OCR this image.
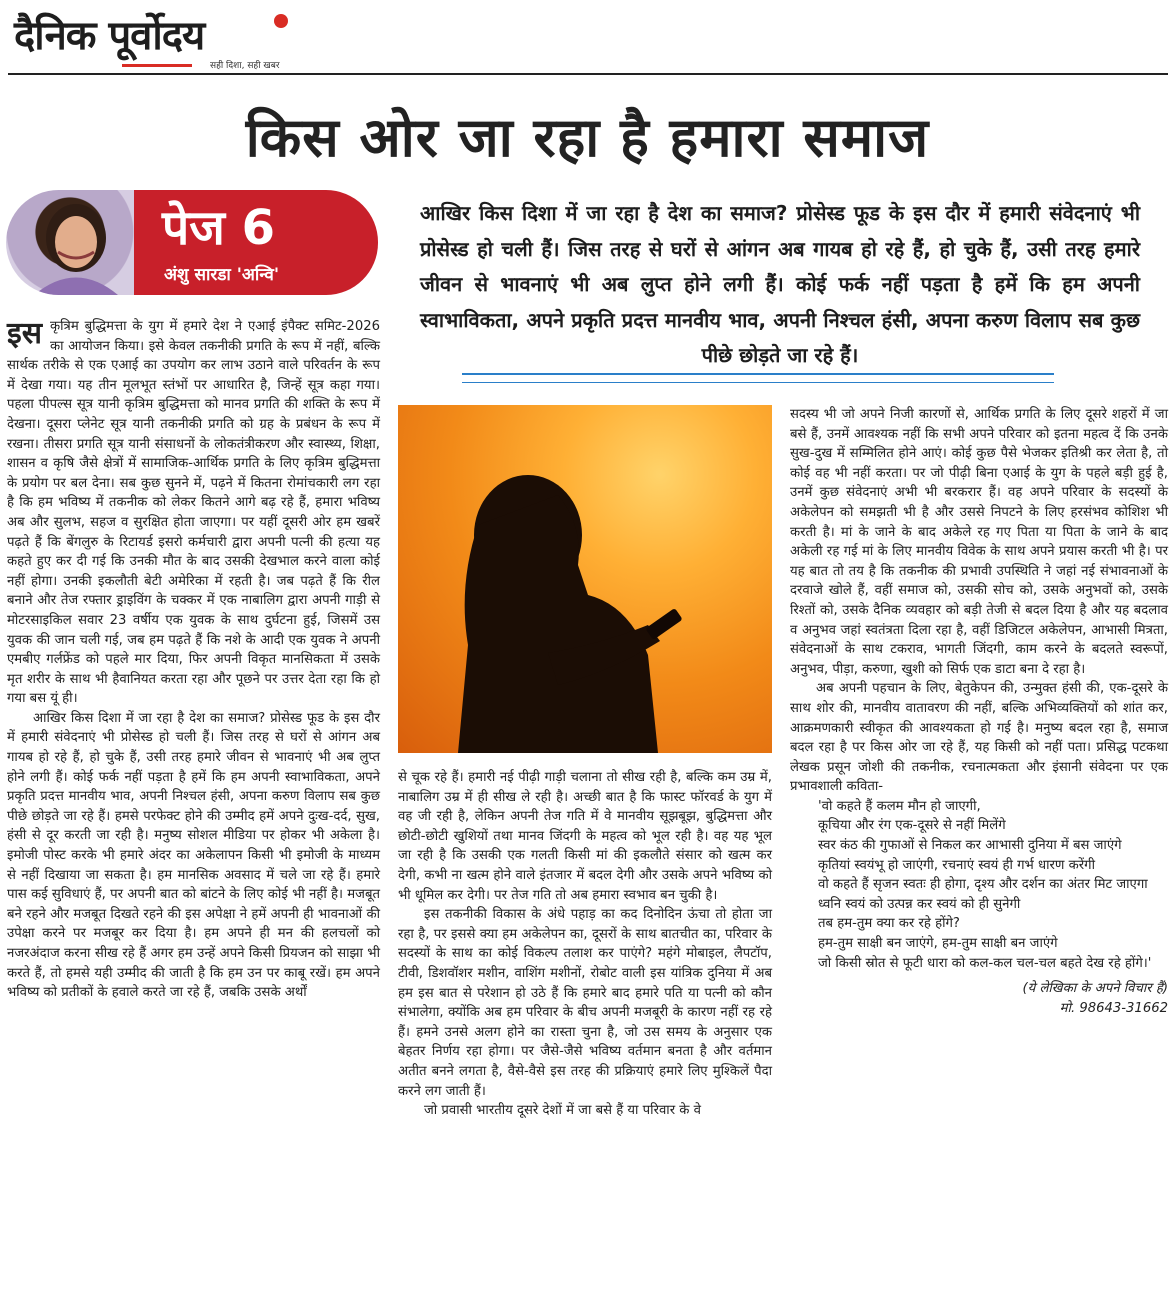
दैनिक पूर्वोदय
सही दिशा, सही खबर
किस ओर जा रहा है हमारा समाज
पेज 6
अंशु सारडा 'अन्वि'
आखिर किस दिशा में जा रहा है देश का समाज? प्रोसेस्ड फूड के इस दौर में हमारी संवेदनाएं भी प्रोसेस्ड हो चली हैं। जिस तरह से घरों से आंगन अब गायब हो रहे हैं, हो चुके हैं, उसी तरह हमारे जीवन से भावनाएं भी अब लुप्त होने लगी हैं। कोई फर्क नहीं पड़ता है हमें कि हम अपनी स्वाभाविकता, अपने प्रकृति प्रदत्त मानवीय भाव, अपनी निश्चल हंसी, अपना करुण विलाप सब कुछ पीछे छोड़ते जा रहे हैं।

इस कृत्रिम बुद्धिमत्ता के युग में हमारे देश ने एआई इंपैक्ट समिट-2026 का आयोजन किया। इसे केवल तकनीकी प्रगति के रूप में नहीं, बल्कि सार्थक तरीके से एक एआई का उपयोग कर लाभ उठाने वाले परिवर्तन के रूप में देखा गया। यह तीन मूलभूत स्तंभों पर आधारित है, जिन्हें सूत्र कहा गया। पहला पीपल्स सूत्र यानी कृत्रिम बुद्धिमत्ता को मानव प्रगति की शक्ति के रूप में देखना। दूसरा प्लेनेट सूत्र यानी तकनीकी प्रगति को ग्रह के प्रबंधन के रूप में रखना। तीसरा प्रगति सूत्र यानी संसाधनों के लोकतंत्रीकरण और स्वास्थ्य, शिक्षा, शासन व कृषि जैसे क्षेत्रों में सामाजिक-आर्थिक प्रगति के लिए कृत्रिम बुद्धिमत्ता के प्रयोग पर बल देना। सब कुछ सुनने में, पढ़ने में कितना रोमांचकारी लग रहा है कि हम भविष्य में तकनीक को लेकर कितने आगे बढ़ रहे हैं, हमारा भविष्य अब और सुलभ, सहज व सुरक्षित होता जाएगा। पर यहीं दूसरी ओर हम खबरें पढ़ते हैं कि बेंगलुरु के रिटायर्ड इसरो कर्मचारी द्वारा अपनी पत्नी की हत्या यह कहते हुए कर दी गई कि उनकी मौत के बाद उसकी देखभाल करने वाला कोई नहीं होगा। उनकी इकलौती बेटी अमेरिका में रहती है। जब पढ़ते हैं कि रील बनाने और तेज रफ्तार ड्राइविंग के चक्कर में एक नाबालिग द्वारा अपनी गाड़ी से मोटरसाइकिल सवार 23 वर्षीय एक युवक के साथ दुर्घटना हुई, जिसमें उस युवक की जान चली गई, जब हम पढ़ते हैं कि नशे के आदी एक युवक ने अपनी एमबीए गर्लफ्रेंड को पहले मार दिया, फिर अपनी विकृत मानसिकता में उसके मृत शरीर के साथ भी हैवानियत करता रहा और पूछने पर उत्तर देता रहा कि हो गया बस यूं ही।

आखिर किस दिशा में जा रहा है देश का समाज? प्रोसेस्ड फूड के इस दौर में हमारी संवेदनाएं भी प्रोसेस्ड हो चली हैं। जिस तरह से घरों से आंगन अब गायब हो रहे हैं, हो चुके हैं, उसी तरह हमारे जीवन से भावनाएं भी अब लुप्त होने लगी हैं। कोई फर्क नहीं पड़ता है हमें कि हम अपनी स्वाभाविकता, अपने प्रकृति प्रदत्त मानवीय भाव, अपनी निश्चल हंसी, अपना करुण विलाप सब कुछ पीछे छोड़ते जा रहे हैं। हमसे परफेक्ट होने की उम्मीद हमें अपने दुःख-दर्द, सुख, हंसी से दूर करती जा रही है। मनुष्य सोशल मीडिया पर होकर भी अकेला है। इमोजी पोस्ट करके भी हमारे अंदर का अकेलापन किसी भी इमोजी के माध्यम से नहीं दिखाया जा सकता है। हम मानसिक अवसाद में चले जा रहे हैं। हमारे पास कई सुविधाएं हैं, पर अपनी बात को बांटने के लिए कोई भी नहीं है। मजबूत बने रहने और मजबूत दिखते रहने की इस अपेक्षा ने हमें अपनी ही भावनाओं की उपेक्षा करने पर मजबूर कर दिया है। हम अपने ही मन की हलचलों को नजरअंदाज करना सीख रहे हैं अगर हम उन्हें अपने किसी प्रियजन को साझा भी करते हैं, तो हमसे यही उम्मीद की जाती है कि हम उन पर काबू रखें। हम अपने भविष्य को प्रतीकों के हवाले करते जा रहे हैं, जबकि उसके अर्थों

से चूक रहे हैं। हमारी नई पीढ़ी गाड़ी चलाना तो सीख रही है, बल्कि कम उम्र में, नाबालिग उम्र में ही सीख ले रही है। अच्छी बात है कि फास्ट फॉरवर्ड के युग में वह जी रही है, लेकिन अपनी तेज गति में वे मानवीय सूझबूझ, बुद्धिमत्ता और छोटी-छोटी खुशियों तथा मानव जिंदगी के महत्व को भूल रही है। वह यह भूल जा रही है कि उसकी एक गलती किसी मां की इकलौते संसार को खत्म कर देगी, कभी ना खत्म होने वाले इंतजार में बदल देगी और उसके अपने भविष्य को भी धूमिल कर देगी। पर तेज गति तो अब हमारा स्वभाव बन चुकी है।

इस तकनीकी विकास के अंधे पहाड़ का कद दिनोदिन ऊंचा तो होता जा रहा है, पर इससे क्या हम अकेलेपन का, दूसरों के साथ बातचीत का, परिवार के सदस्यों के साथ का कोई विकल्प तलाश कर पाएंगे? महंगे मोबाइल, लैपटॉप, टीवी, डिशवॉशर मशीन, वाशिंग मशीनों, रोबोट वाली इस यांत्रिक दुनिया में अब हम इस बात से परेशान हो उठे हैं कि हमारे बाद हमारे पति या पत्नी को कौन संभालेगा, क्योंकि अब हम परिवार के बीच अपनी मजबूरी के कारण नहीं रह रहे हैं। हमने उनसे अलग होने का रास्ता चुना है, जो उस समय के अनुसार एक बेहतर निर्णय रहा होगा। पर जैसे-जैसे भविष्य वर्तमान बनता है और वर्तमान अतीत बनने लगता है, वैसे-वैसे इस तरह की प्रक्रियाएं हमारे लिए मुश्किलें पैदा करने लग जाती हैं।

जो प्रवासी भारतीय दूसरे देशों में जा बसे हैं या परिवार के वे

सदस्य भी जो अपने निजी कारणों से, आर्थिक प्रगति के लिए दूसरे शहरों में जा बसे हैं, उनमें आवश्यक नहीं कि सभी अपने परिवार को इतना महत्व दें कि उनके सुख-दुख में सम्मिलित होने आएं। कोई कुछ पैसे भेजकर इतिश्री कर लेता है, तो कोई वह भी नहीं करता। पर जो पीढ़ी बिना एआई के युग के पहले बड़ी हुई है, उनमें कुछ संवेदनाएं अभी भी बरकरार हैं। वह अपने परिवार के सदस्यों के अकेलेपन को समझती भी है और उससे निपटने के लिए हरसंभव कोशिश भी करती है। मां के जाने के बाद अकेले रह गए पिता या पिता के जाने के बाद अकेली रह गई मां के लिए मानवीय विवेक के साथ अपने प्रयास करती भी है। पर यह बात तो तय है कि तकनीक की प्रभावी उपस्थिति ने जहां नई संभावनाओं के दरवाजे खोले हैं, वहीं समाज को, उसकी सोच को, उसके अनुभवों को, उसके रिश्तों को, उसके दैनिक व्यवहार को बड़ी तेजी से बदल दिया है और यह बदलाव व अनुभव जहां स्वतंत्रता दिला रहा है, वहीं डिजिटल अकेलेपन, आभासी मित्रता, संवेदनाओं के साथ टकराव, भागती जिंदगी, काम करने के बदलते स्वरूपों, अनुभव, पीड़ा, करुणा, खुशी को सिर्फ एक डाटा बना दे रहा है।

अब अपनी पहचान के लिए, बेतुकेपन की, उन्मुक्त हंसी की, एक-दूसरे के साथ शोर की, मानवीय वातावरण की नहीं, बल्कि अभिव्यक्तियों को शांत कर, आक्रमणकारी स्वीकृत की आवश्यकता हो गई है। मनुष्य बदल रहा है, समाज बदल रहा है पर किस ओर जा रहे हैं, यह किसी को नहीं पता। प्रसिद्ध पटकथा लेखक प्रसून जोशी की तकनीक, रचनात्मकता और इंसानी संवेदना पर एक प्रभावशाली कविता-

'वो कहते हैं कलम मौन हो जाएगी,
कूचिया और रंग एक-दूसरे से नहीं मिलेंगे
स्वर कंठ की गुफाओं से निकल कर आभासी दुनिया में बस जाएंगे
कृतियां स्वयंभू हो जाएंगी, रचनाएं स्वयं ही गर्भ धारण करेंगी
वो कहते हैं सृजन स्वतः ही होगा, दृश्य और दर्शन का अंतर मिट जाएगा
ध्वनि स्वयं को उत्पन्न कर स्वयं को ही सुनेगी
तब हम-तुम क्या कर रहे होंगे?
हम-तुम साक्षी बन जाएंगे, हम-तुम साक्षी बन जाएंगे
जो किसी स्रोत से फूटी धारा को कल-कल चल-चल बहते देख रहे होंगे।'
(ये लेखिका के अपने विचार हैं)
मो. 98643-31662
